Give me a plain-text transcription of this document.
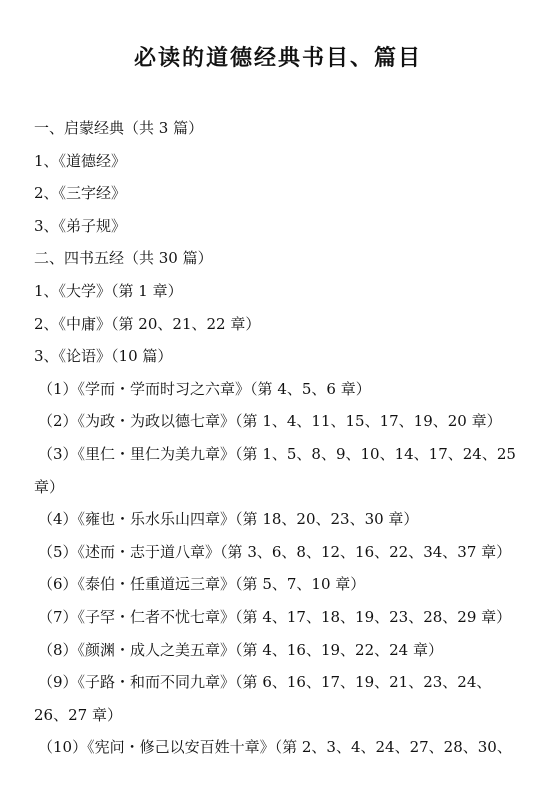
必读的道德经典书目、篇目
一、启蒙经典（共 3 篇）
1、《道德经》
2、《三字经》
3、《弟子规》
二、四书五经（共 30 篇）
1、《大学》（第 1 章）
2、《中庸》（第 20、21、22 章）
3、《论语》（10 篇）
（1）《学而・学而时习之六章》（第 4、5、6 章）
（2）《为政・为政以德七章》（第 1、4、11、15、17、19、20 章）
（3）《里仁・里仁为美九章》（第 1、5、8、9、10、14、17、24、25
章）
（4）《雍也・乐水乐山四章》（第 18、20、23、30 章）
（5）《述而・志于道八章》（第 3、6、8、12、16、22、34、37 章）
（6）《泰伯・任重道远三章》（第 5、7、10 章）
（7）《子罕・仁者不忧七章》（第 4、17、18、19、23、28、29 章）
（8）《颜渊・成人之美五章》（第 4、16、19、22、24 章）
（9）《子路・和而不同九章》（第 6、16、17、19、21、23、24、
26、27 章）
（10）《宪问・修己以安百姓十章》（第 2、3、4、24、27、28、30、
